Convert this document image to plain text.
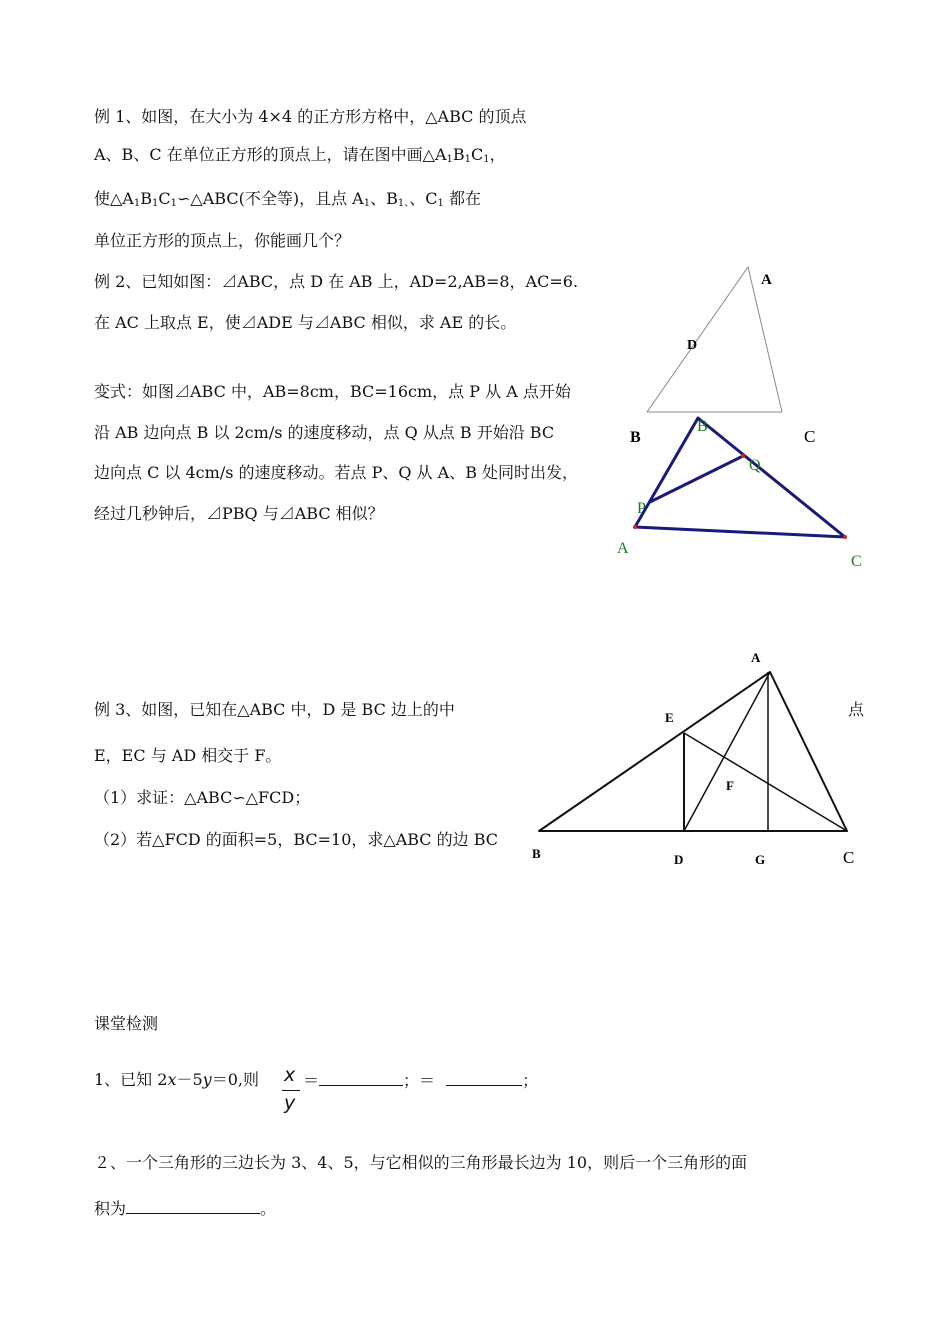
例 1、如图，在大小为 4×4 的正方形方格中，△ABC 的顶点
A、B、C 在单位正方形的顶点上，请在图中画$\triangle A_1B_1C_1$，
使$\triangle A_1B_1C_1∽\triangle ABC$(不全等)，且点 $A_1$、$B_{1、}$、$C_1$ 都在
单位正方形的顶点上，你能画几个？
例 2、已知如图：⊿ABC，点 D 在 AB 上，AD=2,AB=8，AC=6.
在 AC 上取点 E，使⊿ADE 与⊿ABC 相似，求 AE 的长。
A
D
B	C
变式：如图⊿ABC 中，AB=8cm，BC=16cm，点 P 从 A 点开始
沿 AB 边向点 B 以 2cm/s 的速度移动，点 Q 从点 B 开始沿 BC
边向点 C 以 4cm/s 的速度移动。若点 P、Q 从 A、B 处同时出发，
经过几秒钟后，⊿PBQ 与⊿ABC 相似？
B
Q
P
A
C
例 3、如图，已知在△ABC 中，D 是 BC 边上的中
E，EC 与 AD 相交于 F。
（1）求证：△ABC∽△FCD；
（2）若△FCD 的面积=5，BC=10，求△ABC 的边 BC
点
A
E
F
B	D	G	C
课堂检测
1、已知 2x－5y＝0,则 x
y
＝	；＝	；
２、一个三角形的三边长为 3、4、5，与它相似的三角形最长边为 10，则后一个三角形的面
积为	。
